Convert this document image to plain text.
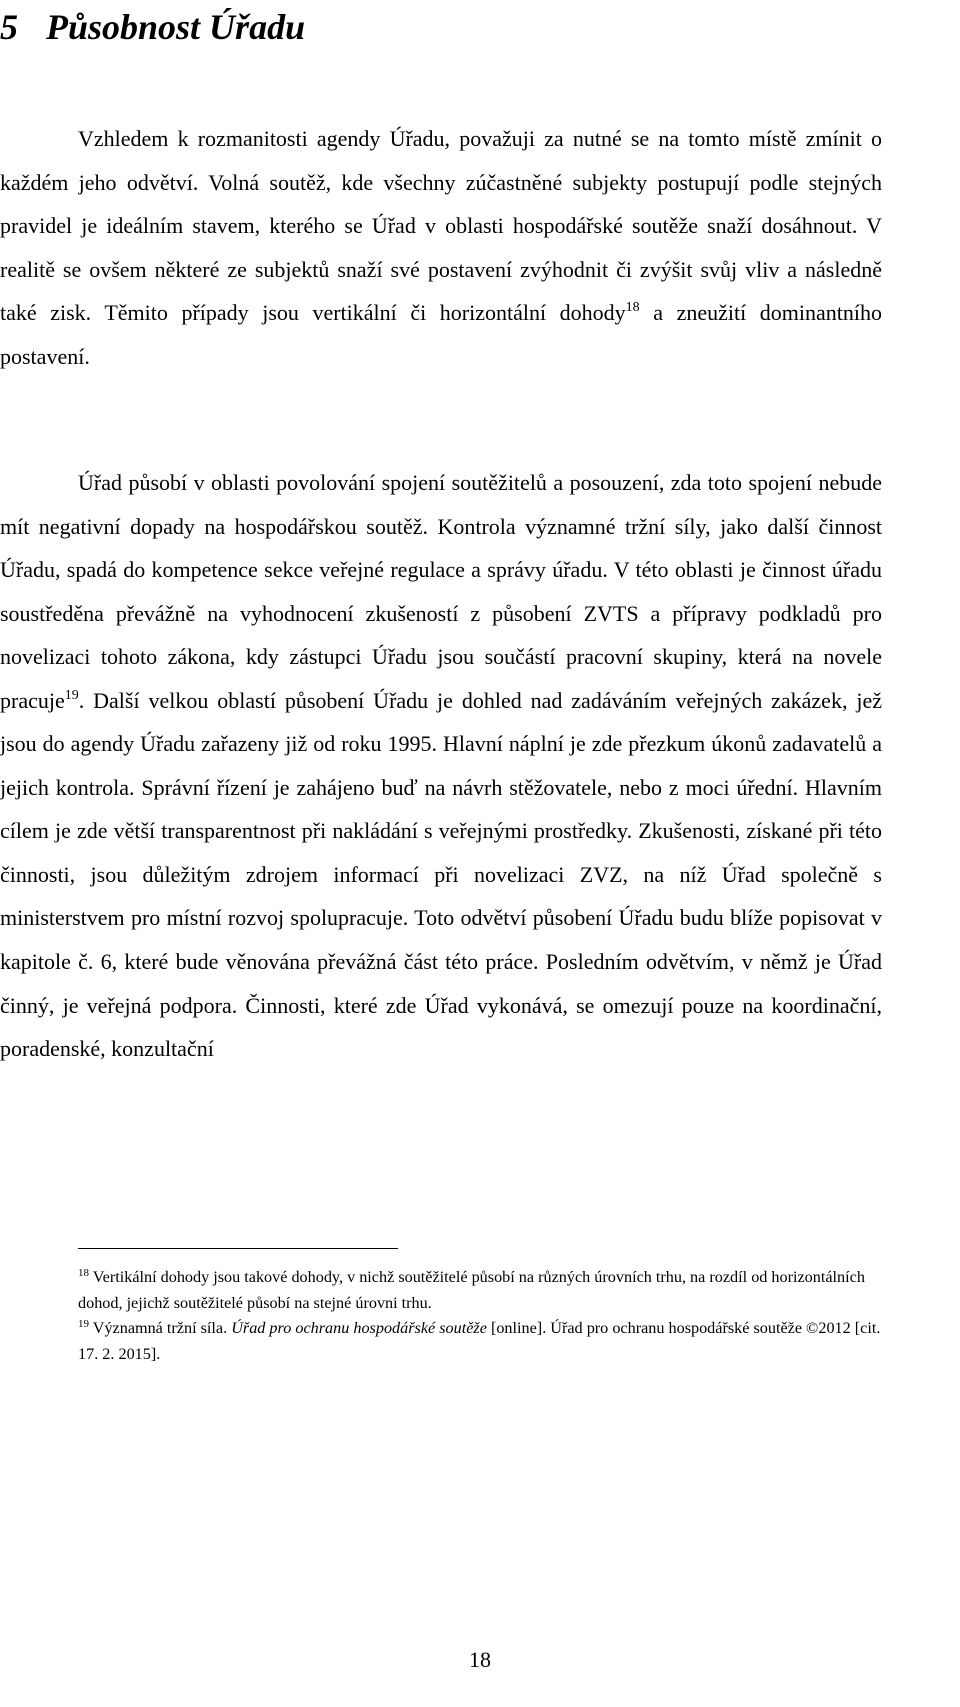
5 Působnost Úřadu

Vzhledem k rozmanitosti agendy Úřadu, považuji za nutné se na tomto místě zmínit o každém jeho odvětví. Volná soutěž, kde všechny zúčastněné subjekty postupují podle stejných pravidel je ideálním stavem, kterého se Úřad v oblasti hospodářské soutěže snaží dosáhnout. V realitě se ovšem některé ze subjektů snaží své postavení zvýhodnit či zvýšit svůj vliv a následně také zisk. Těmito případy jsou vertikální či horizontální dohody$^{18}$ a zneužití dominantního postavení.

Úřad působí v oblasti povolování spojení soutěžitelů a posouzení, zda toto spojení nebude mít negativní dopady na hospodářskou soutěž. Kontrola významné tržní síly, jako další činnost Úřadu, spadá do kompetence sekce veřejné regulace a správy úřadu. V této oblasti je činnost úřadu soustředěna převážně na vyhodnocení zkušeností z působení ZVTS a přípravy podkladů pro novelizaci tohoto zákona, kdy zástupci Úřadu jsou součástí pracovní skupiny, která na novele pracuje$^{19}$. Další velkou oblastí působení Úřadu je dohled nad zadáváním veřejných zakázek, jež jsou do agendy Úřadu zařazeny již od roku 1995. Hlavní náplní je zde přezkum úkonů zadavatelů a jejich kontrola. Správní řízení je zahájeno buď na návrh stěžovatele, nebo z moci úřední. Hlavním cílem je zde větší transparentnost při nakládání s veřejnými prostředky. Zkušenosti, získané při této činnosti, jsou důležitým zdrojem informací při novelizaci ZVZ, na níž Úřad společně s ministerstvem pro místní rozvoj spolupracuje. Toto odvětví působení Úřadu budu blíže popisovat v kapitole č. 6, které bude věnována převážná část této práce. Posledním odvětvím, v němž je Úřad činný, je veřejná podpora. Činnosti, které zde Úřad vykonává, se omezují pouze na koordinační, poradenské, konzultační

$^{18}$ Vertikální dohody jsou takové dohody, v nichž soutěžitelé působí na různých úrovních trhu, na rozdíl od horizontálních dohod, jejichž soutěžitelé působí na stejné úrovni trhu.

$^{19}$ Významná tržní síla. Úřad pro ochranu hospodářské soutěže [online]. Úřad pro ochranu hospodářské soutěže ©2012 [cit. 17. 2. 2015].

18
